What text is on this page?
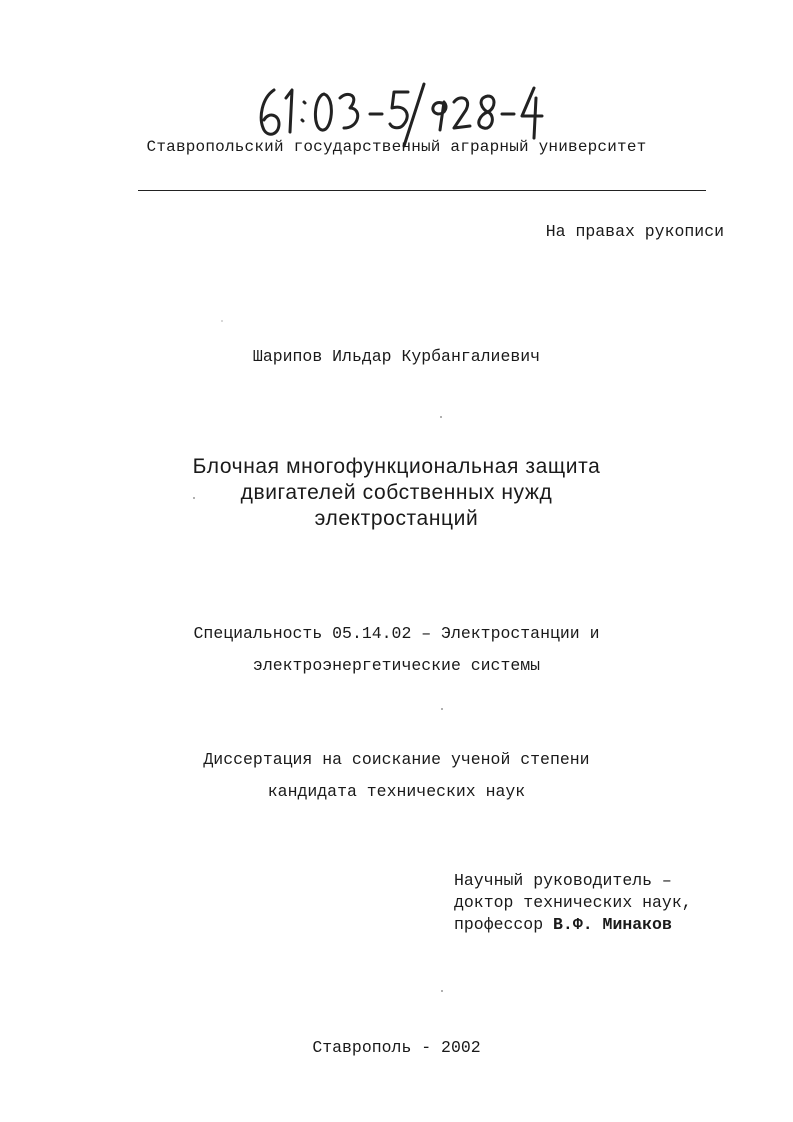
Ставропольский государственный аграрный университет
На правах рукописи
Шарипов Ильдар Курбангалиевич
Блочная многофункциональная защита
двигателей собственных нужд
электростанций
Специальность 05.14.02 – Электростанции и
электроэнергетические системы
Диссертация на соискание ученой степени
кандидата технических наук
Научный руководитель –
доктор технических наук,
профессор В.Ф. Минаков
Ставрополь - 2002
